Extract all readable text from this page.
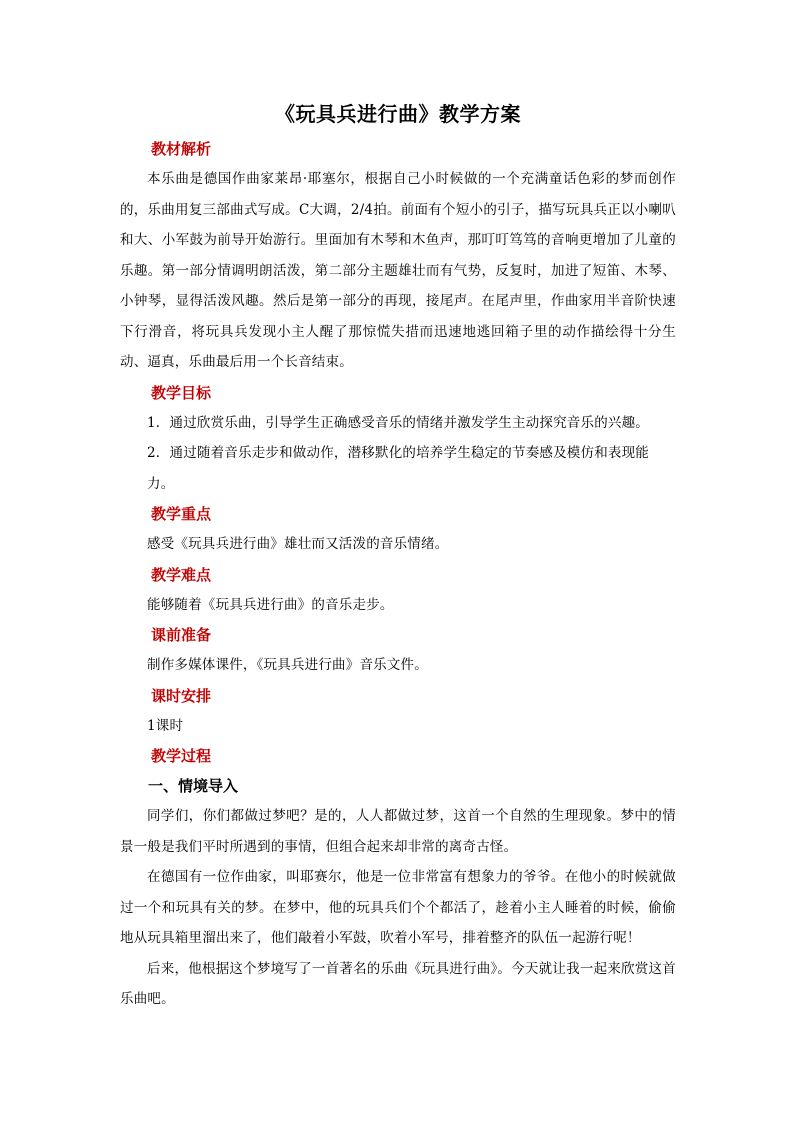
《玩具兵进行曲》教学方案
教材解析

本乐曲是德国作曲家莱昂·耶塞尔，根据自己小时候做的一个充满童话色彩的梦而创作的，乐曲用复三部曲式写成。C大调，2/4拍。前面有个短小的引子，描写玩具兵正以小喇叭和大、小军鼓为前导开始游行。里面加有木琴和木鱼声，那叮叮笃笃的音响更增加了儿童的乐趣。第一部分情调明朗活泼，第二部分主题雄壮而有气势，反复时，加进了短笛、木琴、小钟琴，显得活泼风趣。然后是第一部分的再现，接尾声。在尾声里，作曲家用半音阶快速下行滑音，将玩具兵发现小主人醒了那惊慌失措而迅速地逃回箱子里的动作描绘得十分生动、逼真，乐曲最后用一个长音结束。

教学目标

1．通过欣赏乐曲，引导学生正确感受音乐的情绪并激发学生主动探究音乐的兴趣。

2．通过随着音乐走步和做动作，潜移默化的培养学生稳定的节奏感及模仿和表现能力。

教学重点

感受《玩具兵进行曲》雄壮而又活泼的音乐情绪。

教学难点

能够随着《玩具兵进行曲》的音乐走步。

课前准备

制作多媒体课件，《玩具兵进行曲》音乐文件。

课时安排

1课时

教学过程
一、情境导入

同学们，你们都做过梦吧？是的，人人都做过梦，这首一个自然的生理现象。梦中的情景一般是我们平时所遇到的事情，但组合起来却非常的离奇古怪。

在德国有一位作曲家，叫耶赛尔，他是一位非常富有想象力的爷爷。在他小的时候就做过一个和玩具有关的梦。在梦中，他的玩具兵们个个都活了，趁着小主人睡着的时候，偷偷地从玩具箱里溜出来了，他们敲着小军鼓，吹着小军号，排着整齐的队伍一起游行呢！

后来，他根据这个梦境写了一首著名的乐曲《玩具进行曲》。今天就让我一起来欣赏这首乐曲吧。
